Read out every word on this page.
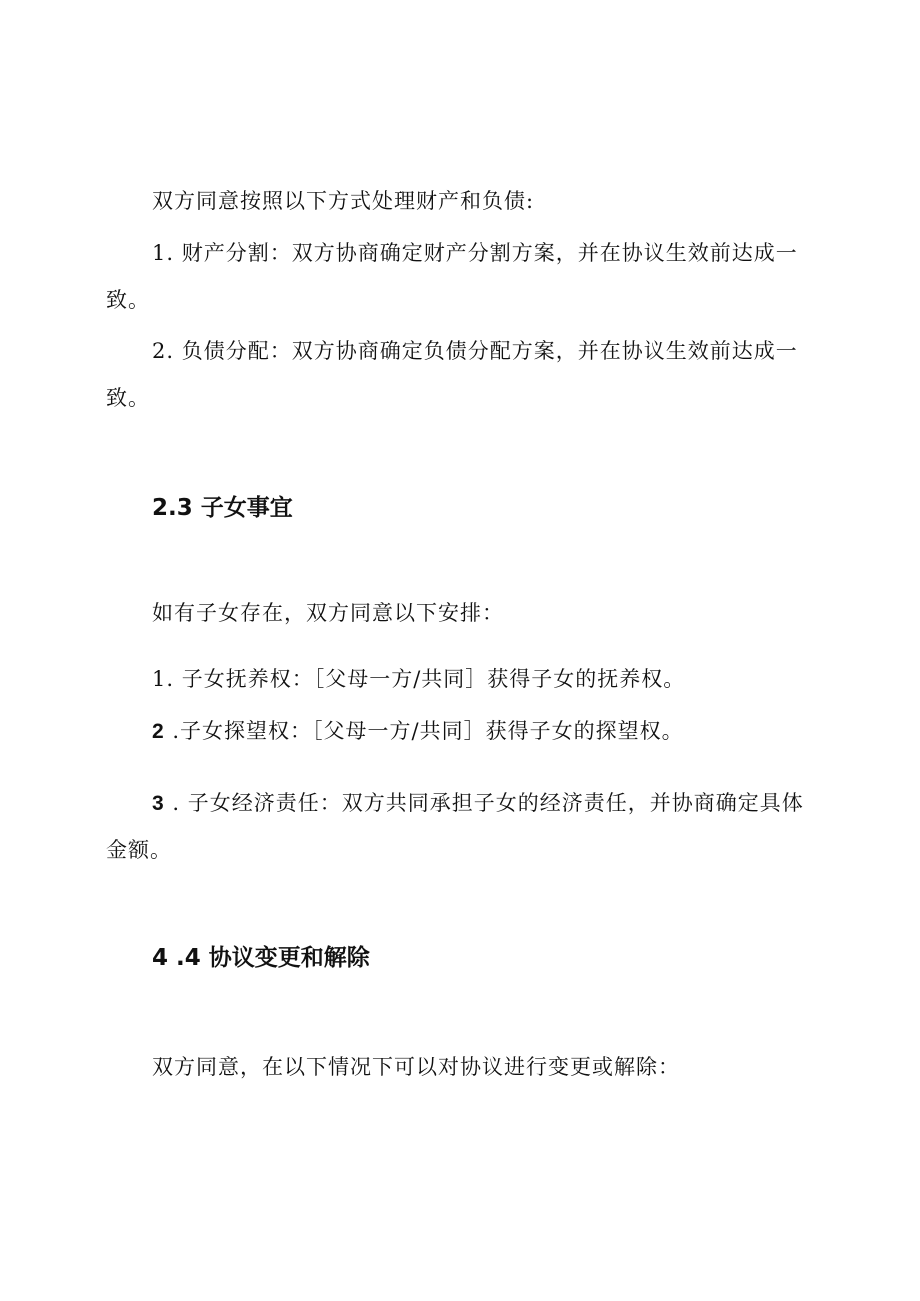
双方同意按照以下方式处理财产和负债:
1. 财产分割：双方协商确定财产分割方案，并在协议生效前达成一
致。
2. 负债分配：双方协商确定负债分配方案，并在协议生效前达成一
致。
2.3 子女事宜
如有子女存在，双方同意以下安排：
1. 子女抚养权：［父母一方/共同］获得子女的抚养权。
2 .子女探望权：［父母一方/共同］获得子女的探望权。
3 . 子女经济责任：双方共同承担子女的经济责任，并协商确定具体
金额。
4 .4 协议变更和解除
双方同意，在以下情况下可以对协议进行变更或解除：
